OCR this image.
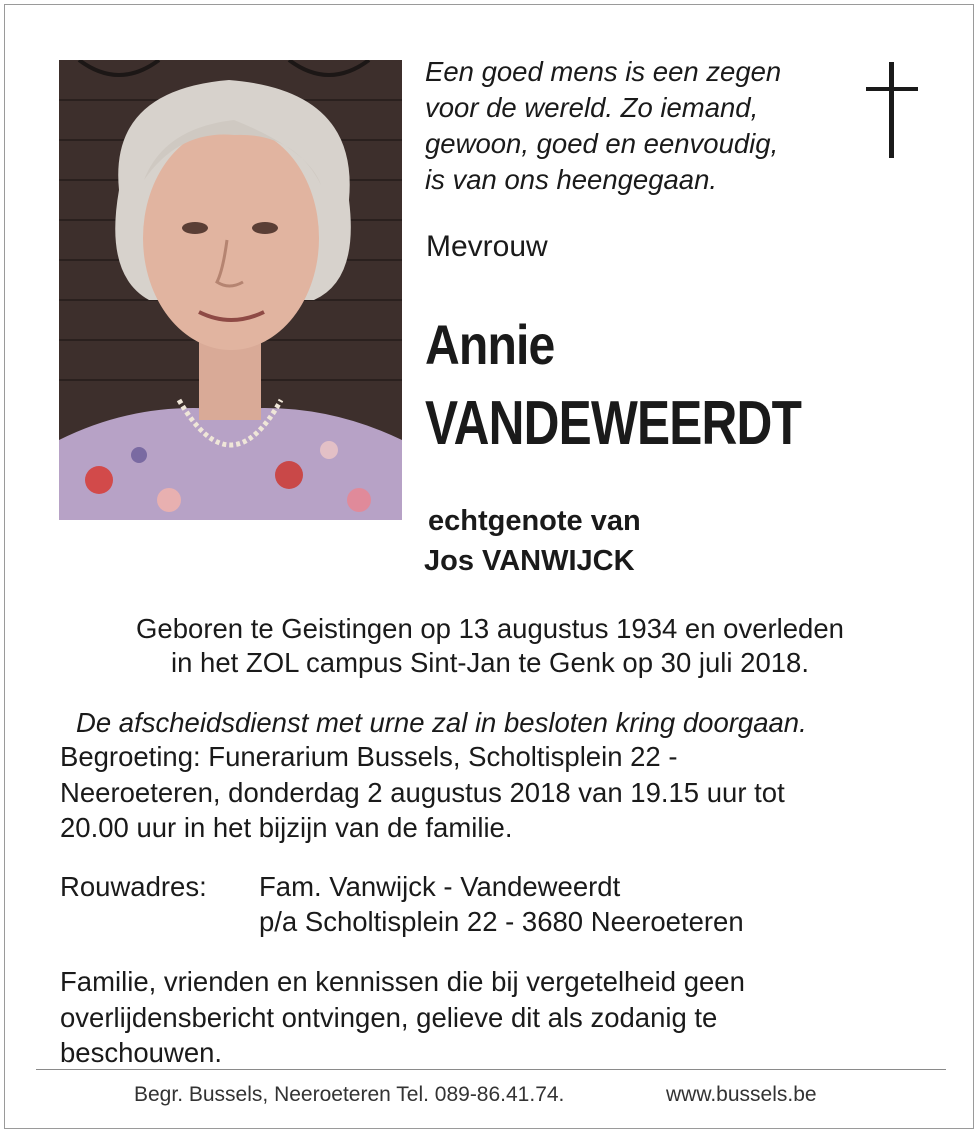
Een goed mens is een zegen
voor de wereld. Zo iemand,
gewoon, goed en eenvoudig,
is van ons heengegaan.
Mevrouw
Annie
VANDEWEERDT
echtgenote van
Jos VANWIJCK
Geboren te Geistingen op 13 augustus 1934 en overleden
in het ZOL campus Sint-Jan te Genk op 30 juli 2018.
De afscheidsdienst met urne zal in besloten kring doorgaan.
Begroeting: Funerarium Bussels, Scholtisplein 22 -
Neeroeteren, donderdag 2 augustus 2018 van 19.15 uur tot
20.00 uur in het bijzijn van de familie.
Rouwadres: Fam. Vanwijck - Vandeweerdt
p/a Scholtisplein 22 - 3680 Neeroeteren
Familie, vrienden en kennissen die bij vergetelheid geen
overlijdensbericht ontvingen, gelieve dit als zodanig te
beschouwen.
Begr. Bussels, Neeroeteren Tel. 089-86.41.74.	www.bussels.be
